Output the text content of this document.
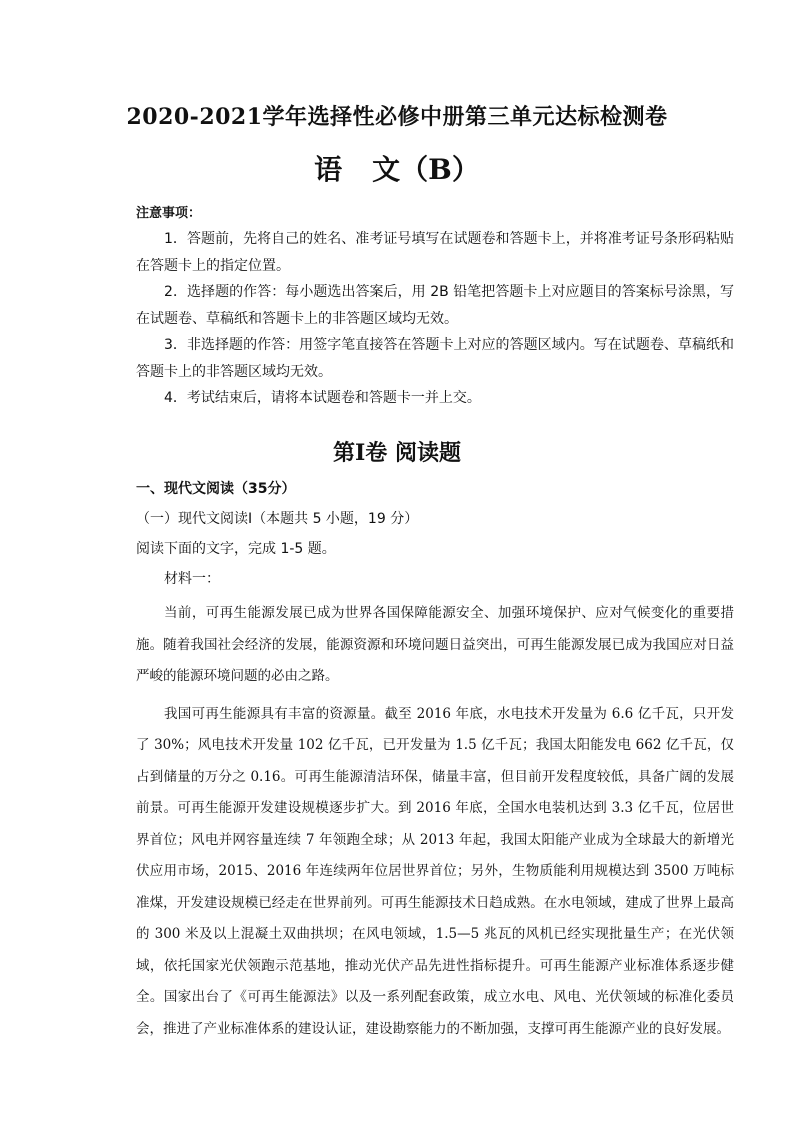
2020-2021学年选择性必修中册第三单元达标检测卷
语 文（B）
注意事项：

1．答题前，先将自己的姓名、准考证号填写在试题卷和答题卡上，并将准考证号条形码粘贴在答题卡上的指定位置。

2．选择题的作答：每小题选出答案后，用 2B 铅笔把答题卡上对应题目的答案标号涂黑，写在试题卷、草稿纸和答题卡上的非答题区域均无效。

3．非选择题的作答：用签字笔直接答在答题卡上对应的答题区域内。写在试题卷、草稿纸和答题卡上的非答题区域均无效。

4．考试结束后，请将本试题卷和答题卡一并上交。

第Ⅰ卷 阅读题
一、现代文阅读（35分）
（一）现代文阅读Ⅰ（本题共 5 小题，19 分）
阅读下面的文字，完成 1-5 题。
材料一：

当前，可再生能源发展已成为世界各国保障能源安全、加强环境保护、应对气候变化的重要措施。随着我国社会经济的发展，能源资源和环境问题日益突出，可再生能源发展已成为我国应对日益严峻的能源环境问题的必由之路。

我国可再生能源具有丰富的资源量。截至 2016 年底，水电技术开发量为 6.6 亿千瓦，只开发了 30%；风电技术开发量 102 亿千瓦，已开发量为 1.5 亿千瓦；我国太阳能发电 662 亿千瓦，仅占到储量的万分之 0.16。可再生能源清洁环保，储量丰富，但目前开发程度较低，具备广阔的发展前景。可再生能源开发建设规模逐步扩大。到 2016 年底，全国水电装机达到 3.3 亿千瓦，位居世界首位；风电并网容量连续 7 年领跑全球；从 2013 年起，我国太阳能产业成为全球最大的新增光伏应用市场，2015、2016 年连续两年位居世界首位；另外，生物质能利用规模达到 3500 万吨标准煤，开发建设规模已经走在世界前列。可再生能源技术日趋成熟。在水电领域，建成了世界上最高的 300 米及以上混凝土双曲拱坝；在风电领域，1.5—5 兆瓦的风机已经实现批量生产；在光伏领域，依托国家光伏领跑示范基地，推动光伏产品先进性指标提升。可再生能源产业标准体系逐步健全。国家出台了《可再生能源法》以及一系列配套政策，成立水电、风电、光伏领域的标准化委员会，推进了产业标准体系的建设认证，建设勘察能力的不断加强，支撑可再生能源产业的良好发展。
